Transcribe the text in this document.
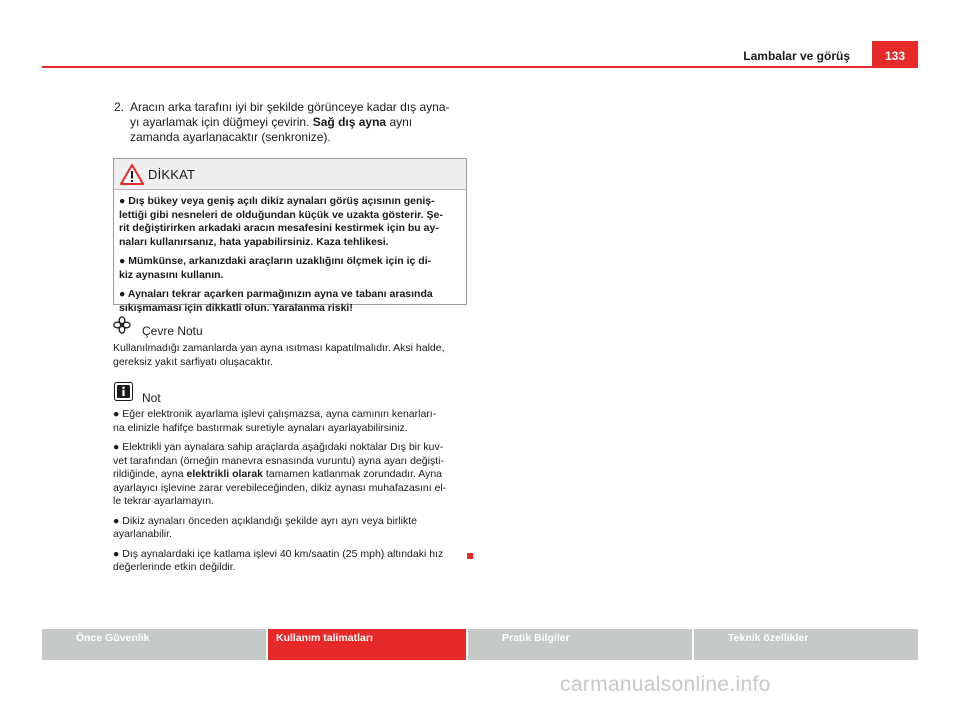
Lambalar ve görüş	133
2. Aracın arka tarafını iyi bir şekilde görünceye kadar dış ayna-
yı ayarlamak için düğmeyi çevirin. Sağ dış ayna aynı
zamanda ayarlanacaktır (senkronize).
DİKKAT

● Dış bükey veya geniş açılı dikiz aynaları görüş açısının geniş-
lettiği gibi nesneleri de olduğundan küçük ve uzakta gösterir. Şe-
rit değiştirirken arkadaki aracın mesafesini kestirmek için bu ay-
naları kullanırsanız, hata yapabilirsiniz. Kaza tehlikesi.

● Mümkünse, arkanızdaki araçların uzaklığını ölçmek için iç di-
kiz aynasını kullanın.

● Aynaları tekrar açarken parmağınızın ayna ve tabanı arasında
sıkışmaması için dikkatli olun. Yaralanma riski!

Çevre Notu

Kullanılmadığı zamanlarda yan ayna ısıtması kapatılmalıdır. Aksi halde,
gereksiz yakıt sarfiyatı oluşacaktır.

Not

● Eğer elektronik ayarlama işlevi çalışmazsa, ayna camının kenarları-
na elinizle hafifçe bastırmak suretiyle aynaları ayarlayabilirsiniz.

● Elektrikli yan aynalara sahip araçlarda aşağıdaki noktalar Dış bir kuv-
vet tarafından (örneğin manevra esnasında vuruntu) ayna ayarı değişti-
rildiğinde, ayna elektrikli olarak tamamen katlanmak zorundadır. Ayna
ayarlayıcı işlevine zarar verebileceğinden, dikiz aynası muhafazasını el-
le tekrar ayarlamayın.

● Dikiz aynaları önceden açıklandığı şekilde ayrı ayrı veya birlikte
ayarlanabilir.

● Dış aynalardaki içe katlama işlevi 40 km/saatin (25 mph) altındaki hız
değerlerinde etkin değildir.

Önce Güvenlik	Kullanım talimatları	Pratik Bilgiler	Teknik özellikler
carmanualsonline.info
